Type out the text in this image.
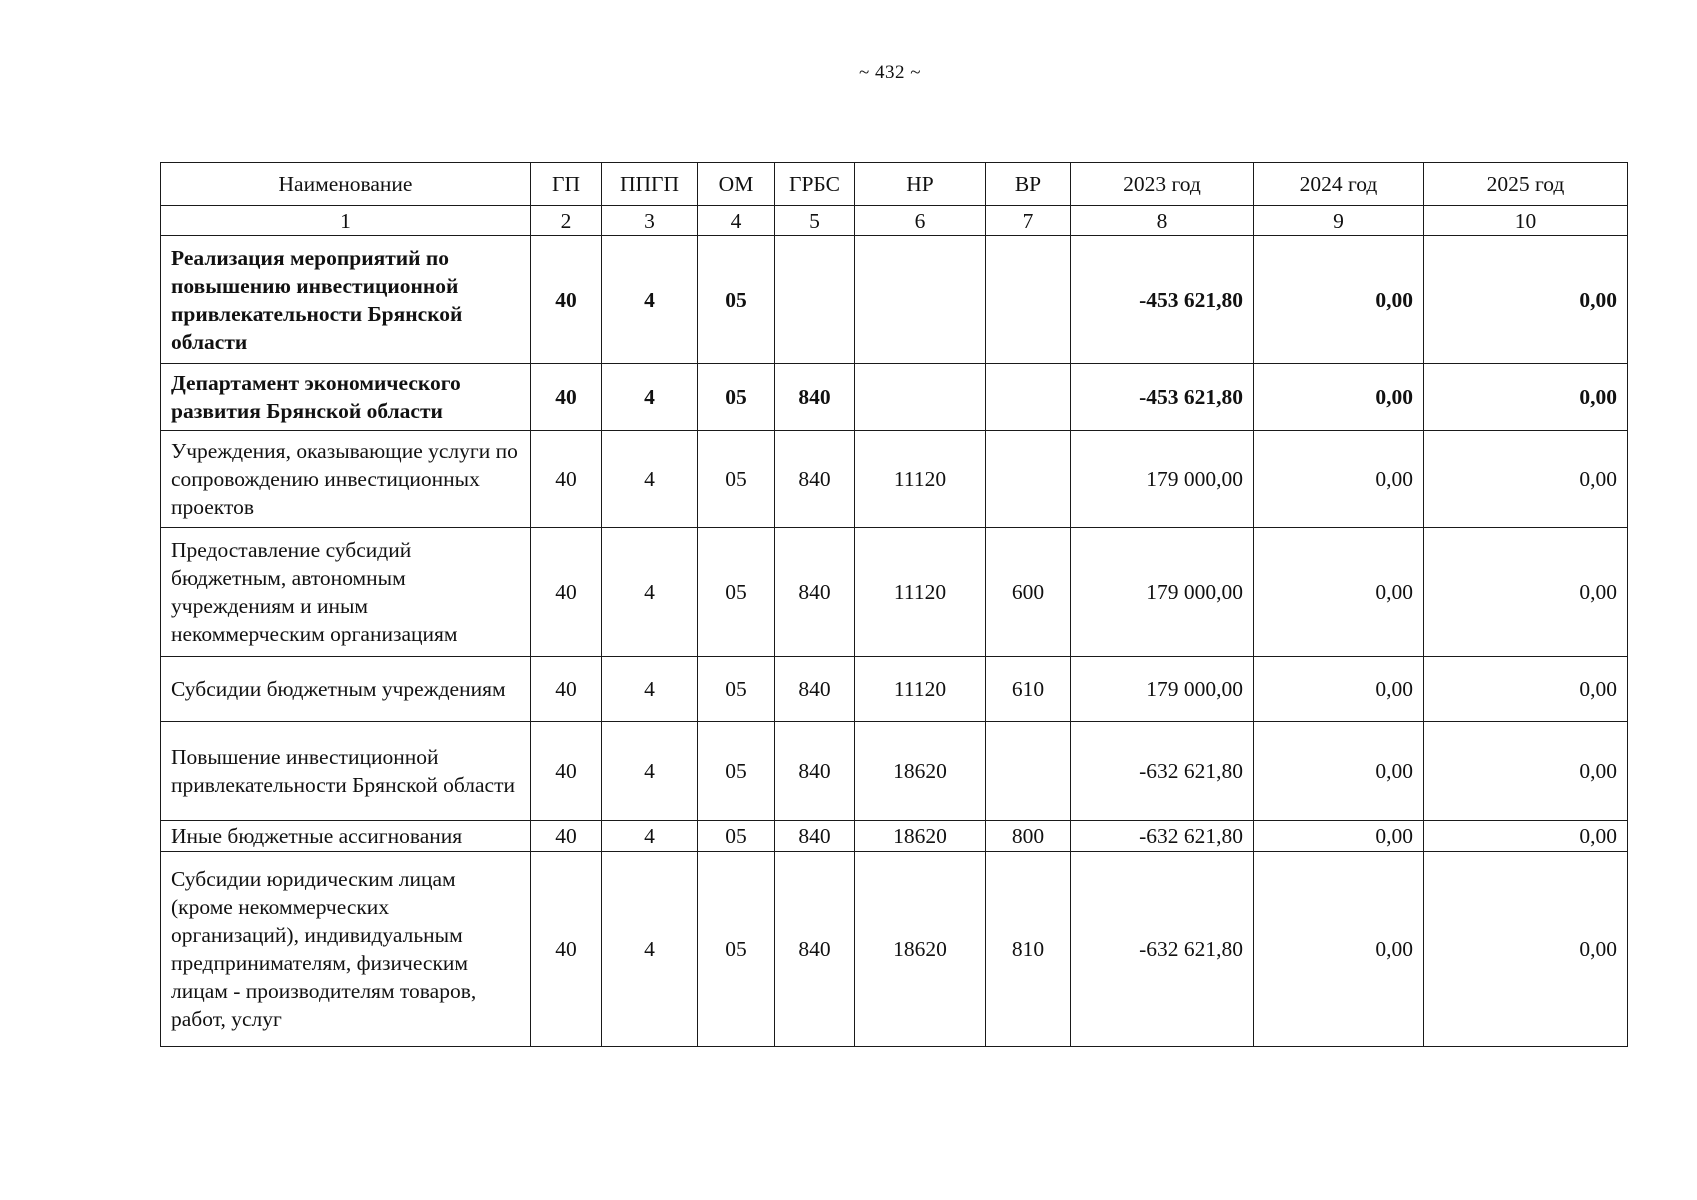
~ 432 ~
Наименование	ГП	ППГП	ОМ	ГРБС	НР	ВР	2023 год	2024 год	2025 год
1	2	3	4	5	6	7	8	9	10
Реализация мероприятий по повышению инвестиционной привлекательности Брянской области	40	4	05				-453 621,80	0,00	0,00
Департамент экономического развития Брянской области	40	4	05	840			-453 621,80	0,00	0,00
Учреждения, оказывающие услуги по сопровождению инвестиционных проектов	40	4	05	840	11120		179 000,00	0,00	0,00
Предоставление субсидий бюджетным, автономным учреждениям и иным некоммерческим организациям	40	4	05	840	11120	600	179 000,00	0,00	0,00
Субсидии бюджетным учреждениям	40	4	05	840	11120	610	179 000,00	0,00	0,00
Повышение инвестиционной привлекательности Брянской области	40	4	05	840	18620		-632 621,80	0,00	0,00
Иные бюджетные ассигнования	40	4	05	840	18620	800	-632 621,80	0,00	0,00
Субсидии юридическим лицам (кроме некоммерческих организаций), индивидуальным предпринимателям, физическим лицам - производителям товаров, работ, услуг	40	4	05	840	18620	810	-632 621,80	0,00	0,00
